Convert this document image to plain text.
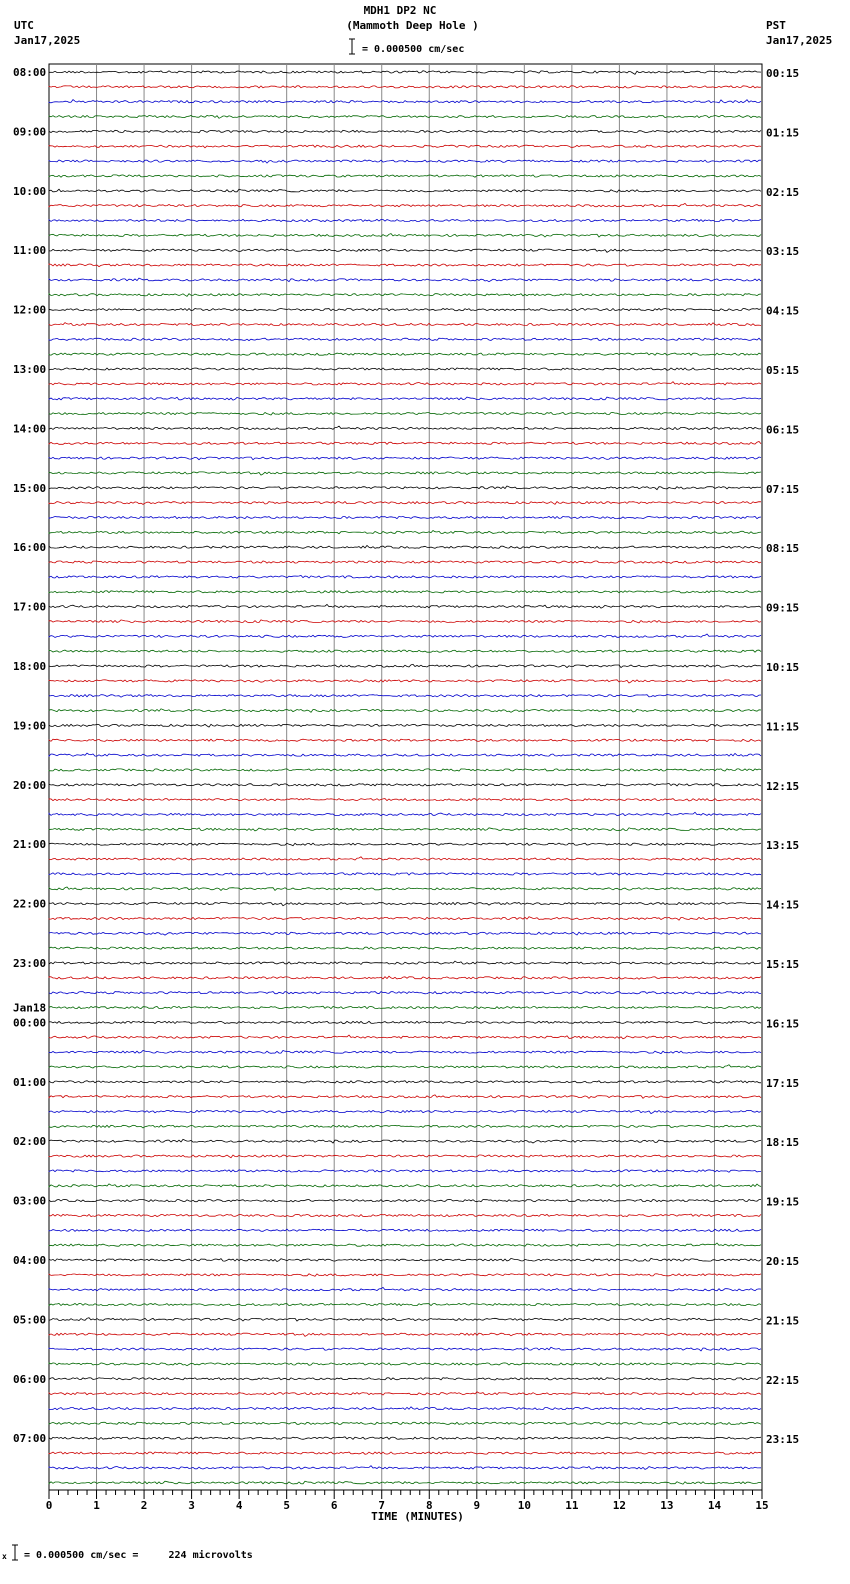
0	1	2	3	4	5	6	7	8	9	10	11	12	13	14	15
08:00
09:00
10:00
11:00
12:00
13:00
14:00
15:00
16:00
17:00
18:00
19:00
20:00
21:00
22:00
23:00
00:00
01:00
02:00
03:00
04:00
05:00
06:00
07:00
Jan18
00:15
01:15
02:15
03:15
04:15
05:15
06:15
07:15
08:15
09:15
10:15
11:15
12:15
13:15
14:15
15:15
16:15
17:15
18:15
19:15
20:15
21:15
22:15
23:15
MDH1 DP2 NC
(Mammoth Deep Hole )
UTC
Jan17,2025
PST
Jan17,2025
= 0.000500 cm/sec
TIME (MINUTES)
x = 0.000500 cm/sec =     224 microvolts
